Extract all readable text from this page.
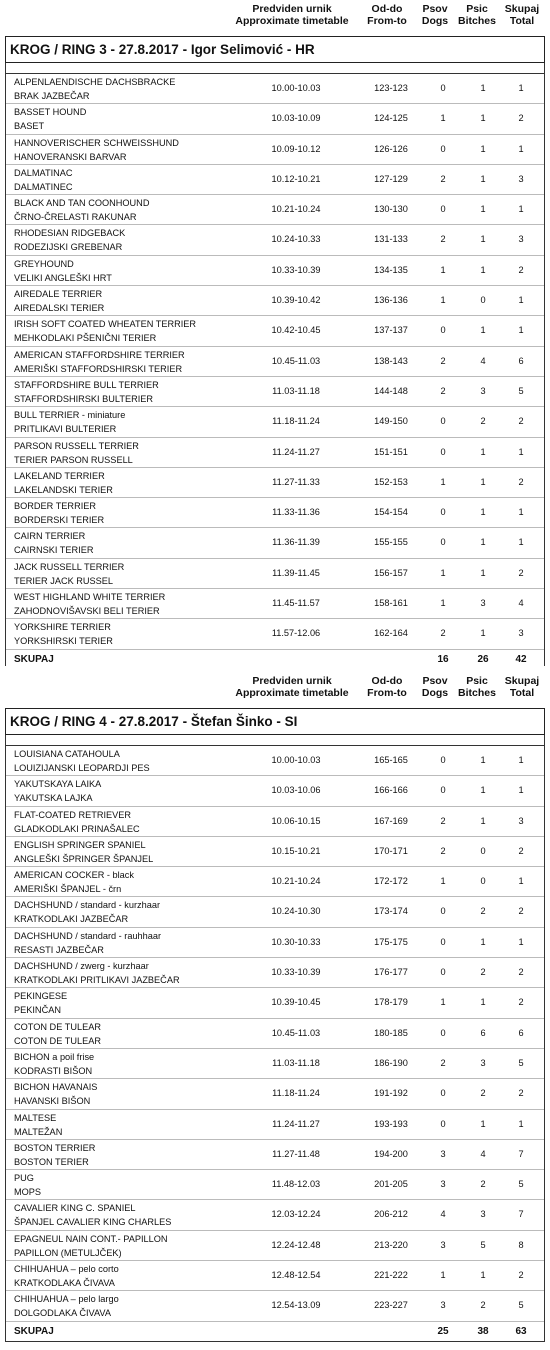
Predviden urnik
Approximate timetable
Od-do
From-to
Psov
Dogs
Psic
Bitches
Skupaj
Total
KROG / RING 3 - 27.8.2017 - Igor Selimović - HR
ALPENLAENDISCHE DACHSBRACKE
BRAK JAZBEČAR
10.00-10.03	123-123	0	1	1
BASSET HOUND
BASET
10.03-10.09	124-125	1	1	2
HANNOVERISCHER SCHWEISSHUND
HANOVERANSKI BARVAR
10.09-10.12	126-126	0	1	1
DALMATINAC
DALMATINEC
10.12-10.21	127-129	2	1	3
BLACK AND TAN COONHOUND
ČRNO-ČRELASTI RAKUNAR
10.21-10.24	130-130	0	1	1
RHODESIAN RIDGEBACK
RODEZIJSKI GREBENAR
10.24-10.33	131-133	2	1	3
GREYHOUND
VELIKI ANGLEŠKI HRT
10.33-10.39	134-135	1	1	2
AIREDALE TERRIER
AIREDALSKI TERIER
10.39-10.42	136-136	1	0	1
IRISH SOFT COATED WHEATEN TERRIER
MEHKODLAKI PŠENIČNI TERIER
10.42-10.45	137-137	0	1	1
AMERICAN STAFFORDSHIRE TERRIER
AMERIŠKI STAFFORDSHIRSKI TERIER
10.45-11.03	138-143	2	4	6
STAFFORDSHIRE BULL TERRIER
STAFFORDSHIRSKI BULTERIER
11.03-11.18	144-148	2	3	5
BULL TERRIER - miniature
PRITLIKAVI BULTERIER
11.18-11.24	149-150	0	2	2
PARSON RUSSELL TERRIER
TERIER PARSON RUSSELL
11.24-11.27	151-151	0	1	1
LAKELAND TERRIER
LAKELANDSKI TERIER
11.27-11.33	152-153	1	1	2
BORDER TERRIER
BORDERSKI TERIER
11.33-11.36	154-154	0	1	1
CAIRN TERRIER
CAIRNSKI TERIER
11.36-11.39	155-155	0	1	1
JACK RUSSELL TERRIER
TERIER JACK RUSSEL
11.39-11.45	156-157	1	1	2
WEST HIGHLAND WHITE TERRIER
ZAHODNOVIŠAVSKI BELI TERIER
11.45-11.57	158-161	1	3	4
YORKSHIRE TERRIER
YORKSHIRSKI TERIER
11.57-12.06	162-164	2	1	3
SKUPAJ	16	26	42
Predviden urnik
Approximate timetable
Od-do
From-to
Psov
Dogs
Psic
Bitches
Skupaj
Total
KROG / RING 4 - 27.8.2017 - Štefan Šinko - SI
LOUISIANA CATAHOULA
LOUIZIJANSKI LEOPARDJI PES
10.00-10.03	165-165	0	1	1
YAKUTSKAYA LAIKA
YAKUTSKA LAJKA
10.03-10.06	166-166	0	1	1
FLAT-COATED RETRIEVER
GLADKODLAKI PRINAŠALEC
10.06-10.15	167-169	2	1	3
ENGLISH SPRINGER SPANIEL
ANGLEŠKI ŠPRINGER ŠPANJEL
10.15-10.21	170-171	2	0	2
AMERICAN COCKER - black
AMERIŠKI ŠPANJEL - črn
10.21-10.24	172-172	1	0	1
DACHSHUND / standard - kurzhaar
KRATKODLAKI JAZBEČAR
10.24-10.30	173-174	0	2	2
DACHSHUND / standard - rauhhaar
RESASTI JAZBEČAR
10.30-10.33	175-175	0	1	1
DACHSHUND / zwerg - kurzhaar
KRATKODLAKI PRITLIKAVI JAZBEČAR
10.33-10.39	176-177	0	2	2
PEKINGESE
PEKINČAN
10.39-10.45	178-179	1	1	2
COTON DE TULEAR
COTON DE TULEAR
10.45-11.03	180-185	0	6	6
BICHON a poil frise
KODRASTI BIŠON
11.03-11.18	186-190	2	3	5
BICHON HAVANAIS
HAVANSKI BIŠON
11.18-11.24	191-192	0	2	2
MALTESE
MALTEŽAN
11.24-11.27	193-193	0	1	1
BOSTON TERRIER
BOSTON TERIER
11.27-11.48	194-200	3	4	7
PUG
MOPS
11.48-12.03	201-205	3	2	5
CAVALIER KING C. SPANIEL
ŠPANJEL CAVALIER KING CHARLES
12.03-12.24	206-212	4	3	7
EPAGNEUL NAIN CONT.- PAPILLON
PAPILLON (METULJČEK)
12.24-12.48	213-220	3	5	8
CHIHUAHUA – pelo corto
KRATKODLAKA ČIVAVA
12.48-12.54	221-222	1	1	2
CHIHUAHUA – pelo largo
DOLGODLAKA ČIVAVA
12.54-13.09	223-227	3	2	5
SKUPAJ	25	38	63
